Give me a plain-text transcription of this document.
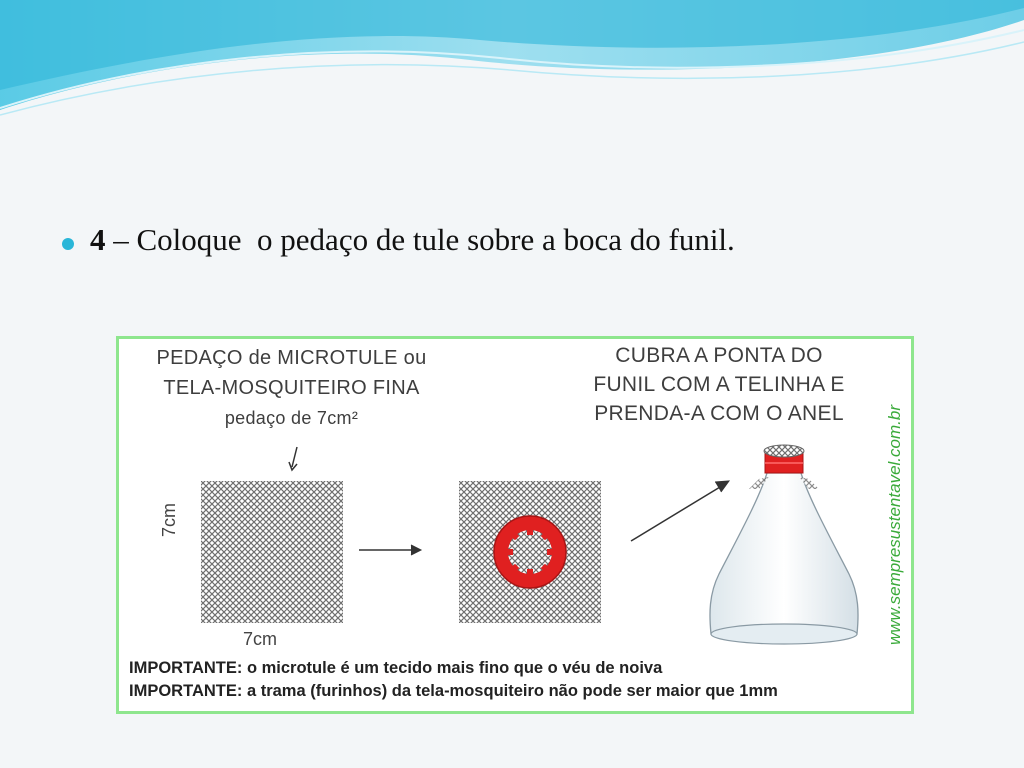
4 – Coloque  o pedaço de tule sobre a boca do funil.

PEDAÇO de MICROTULE ou
TELA-MOSQUITEIRO FINA
pedaço de 7cm²
CUBRA A PONTA DO
FUNIL COM A TELINHA E
PRENDA-A COM O ANEL
7cm
7cm	www.sempresustentavel.com.br
IMPORTANTE: o microtule é um tecido mais fino que o véu de noiva
IMPORTANTE: a trama (furinhos) da tela-mosquiteiro não pode ser maior que 1mm
